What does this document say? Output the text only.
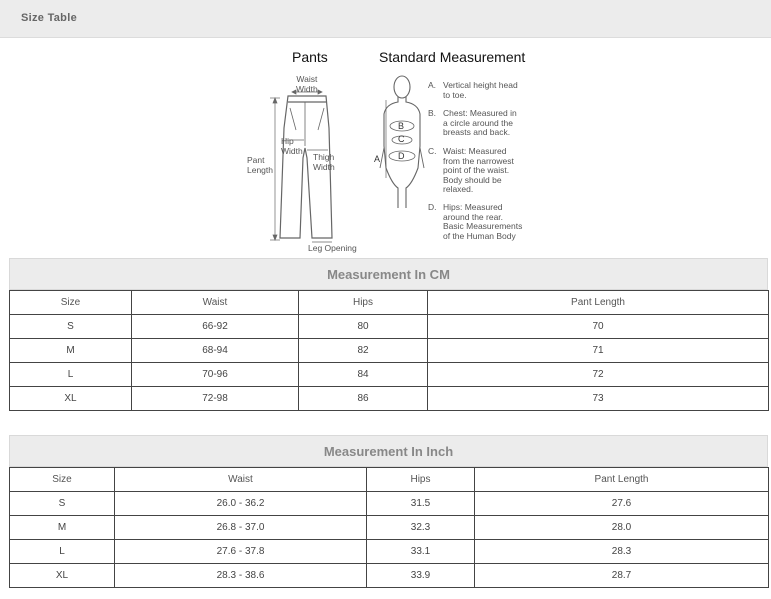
Size Table
Pants	Standard Measurement
Waist
Width
Hip
Width
Thigh
Width
Pant
Length
Leg Opening
A
B
C
D
A. Vertical height head
to toe.
B. Chest: Measured in
a circle around the
breasts and back.
C. Waist: Measured
from the narrowest
point of the waist.
Body should be
relaxed.
D. Hips: Measured
around the rear.
Basic Measurements
of the Human Body
Measurement In CM
Size	Waist	Hips	Pant Length
S	66-92	80	70
M	68-94	82	71
L	70-96	84	72
XL	72-98	86	73
Measurement In Inch
Size	Waist	Hips	Pant Length
S	26.0 - 36.2	31.5	27.6
M	26.8 - 37.0	32.3	28.0
L	27.6 - 37.8	33.1	28.3
XL	28.3 - 38.6	33.9	28.7
